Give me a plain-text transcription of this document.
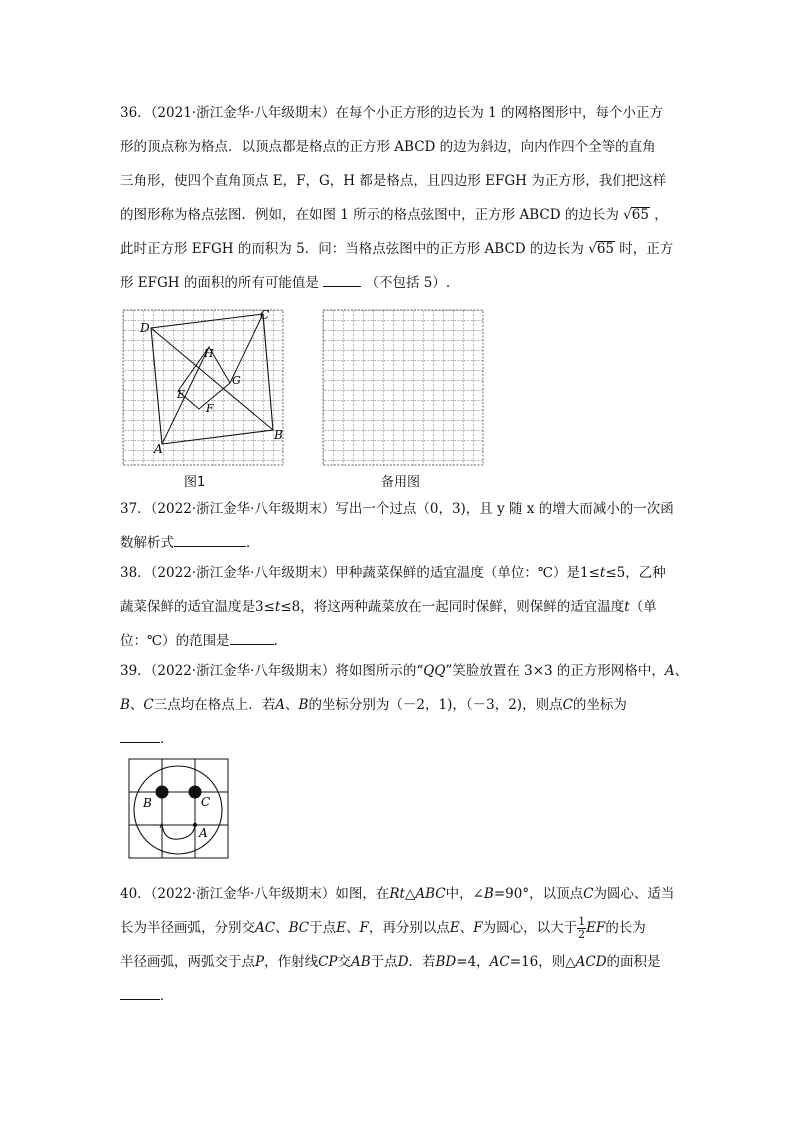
36．（2021·浙江金华·八年级期末）在每个小正方形的边长为 1 的网格图形中，每个小正方
形的顶点称为格点．以顶点都是格点的正方形 ABCD 的边为斜边，向内作四个全等的直角
三角形，使四个直角顶点 E，F，G，H 都是格点，且四边形 EFGH 为正方形，我们把这样
的图形称为格点弦图．例如，在如图 1 所示的格点弦图中，正方形 ABCD 的边长为 √65 ，
此时正方形 EFGH 的而积为 5．问：当格点弦图中的正方形 ABCD 的边长为 √65 时，正方
形 EFGH 的面积的所有可能值是	（不包括 5）.
D
C
B
A
H
G
E
F
图1	备用图
37．（2022·浙江金华·八年级期末）写出一个过点（0，3)，且 y 随 x 的增大而减小的一次函
数解析式	．
38．（2022·浙江金华·八年级期末）甲种蔬菜保鲜的适宜温度（单位：℃）是1≤t≤5，乙种
蔬菜保鲜的适宜温度是3≤t≤8，将这两种蔬菜放在一起同时保鲜，则保鲜的适宜温度t（单
位：℃）的范围是	．
39．（2022·浙江金华·八年级期末）将如图所示的“QQ”笑脸放置在 3×3 的正方形网格中，A、
B、C三点均在格点上．若A、B的坐标分别为（－2，1)，（－3，2)，则点C的坐标为
．
B	C
A
40．（2022·浙江金华·八年级期末）如图，在Rt△ABC中，∠B=90°，以顶点C为圆心、适当
长为半径画弧，分别交AC、BC于点E、F，再分别以点E、F为圆心，以大于 $\frac{1}{2}$ EF的长为
半径画弧，两弧交于点P，作射线CP交AB于点D．若BD=4，AC=16，则△ACD的面积是
．
